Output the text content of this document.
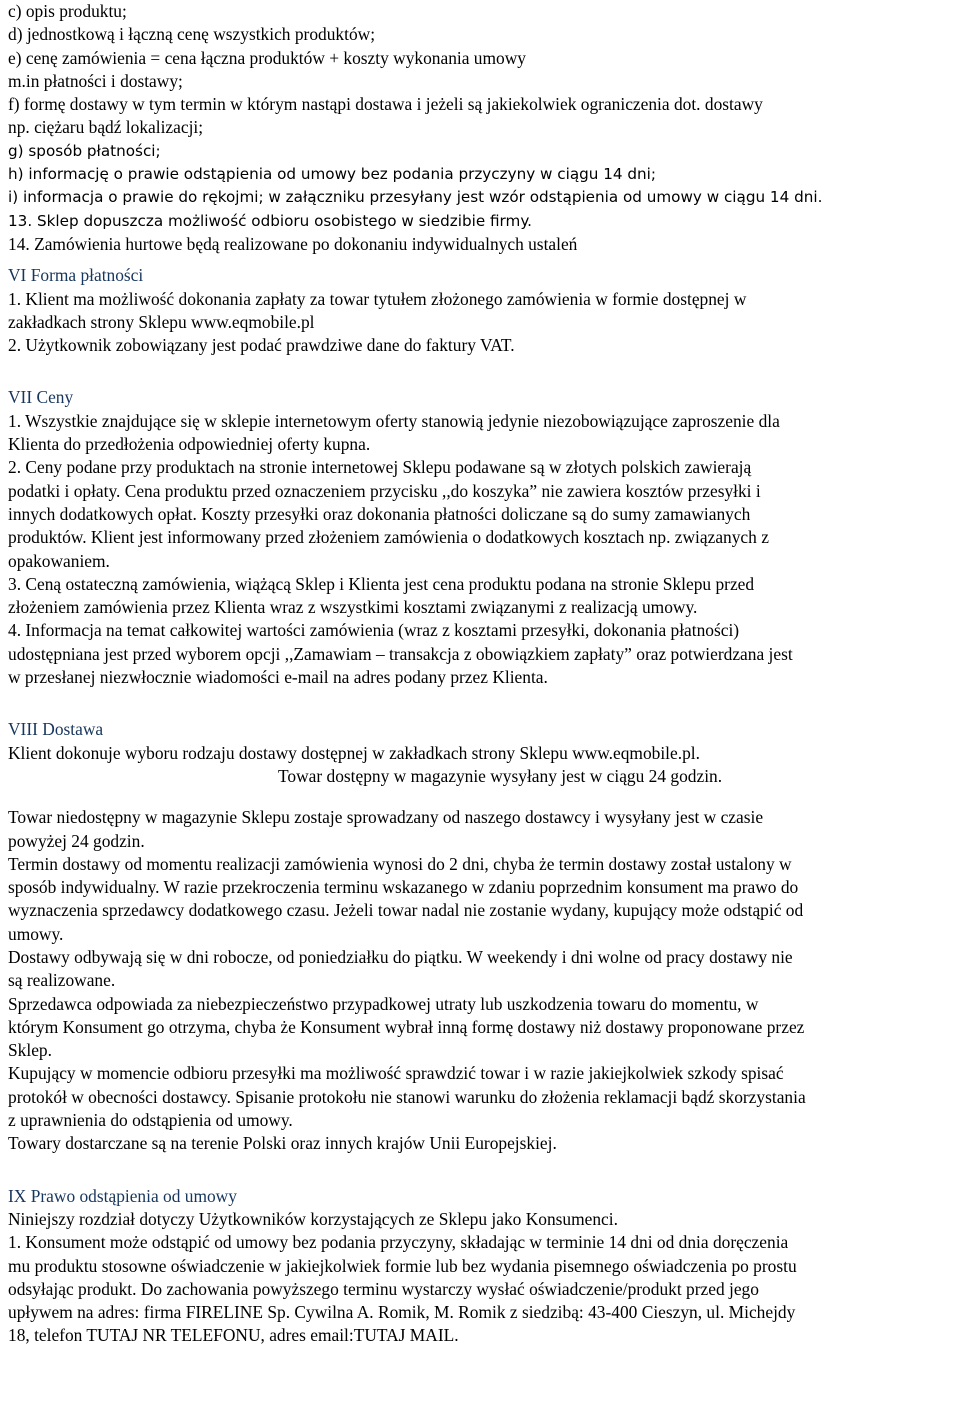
c) opis produktu;
d) jednostkową i łączną cenę wszystkich produktów;
e) cenę zamówienia = cena łączna produktów + koszty wykonania umowy
m.in płatności i dostawy;
f) formę dostawy w tym termin w którym nastąpi dostawa i jeżeli są jakiekolwiek ograniczenia dot. dostawy
np. ciężaru bądź lokalizacji;
g) sposób płatności;
h) informację o prawie odstąpienia od umowy bez podania przyczyny w ciągu 14 dni;
i) informacja o prawie do rękojmi; w załączniku przesyłany jest wzór odstąpienia od umowy w ciągu 14 dni.
13. Sklep dopuszcza możliwość odbioru osobistego w siedzibie firmy.
14. Zamówienia hurtowe będą realizowane po dokonaniu indywidualnych ustaleń
VI Forma płatności
1. Klient ma możliwość dokonania zapłaty za towar tytułem złożonego zamówienia w formie dostępnej w
zakładkach strony Sklepu www.eqmobile.pl
2. Użytkownik zobowiązany jest podać prawdziwe dane do faktury VAT.
VII Ceny
1. Wszystkie znajdujące się w sklepie internetowym oferty stanowią jedynie niezobowiązujące zaproszenie dla
Klienta do przedłożenia odpowiedniej oferty kupna.
2. Ceny podane przy produktach na stronie internetowej Sklepu podawane są w złotych polskich zawierają
podatki i opłaty. Cena produktu przed oznaczeniem przycisku ,,do koszyka” nie zawiera kosztów przesyłki i
innych dodatkowych opłat. Koszty przesyłki oraz dokonania płatności doliczane są do sumy zamawianych
produktów. Klient jest informowany przed złożeniem zamówienia o dodatkowych kosztach np. związanych z
opakowaniem.
3. Ceną ostateczną zamówienia, wiążącą Sklep i Klienta jest cena produktu podana na stronie Sklepu przed
złożeniem zamówienia przez Klienta wraz z wszystkimi kosztami związanymi z realizacją umowy.
4. Informacja na temat całkowitej wartości zamówienia (wraz z kosztami przesyłki, dokonania płatności)
udostępniana jest przed wyborem opcji ,,Zamawiam – transakcja z obowiązkiem zapłaty” oraz potwierdzana jest
w przesłanej niezwłocznie wiadomości e-mail na adres podany przez Klienta.
VIII Dostawa
Klient dokonuje wyboru rodzaju dostawy dostępnej w zakładkach strony Sklepu www.eqmobile.pl.
Towar dostępny w magazynie wysyłany jest w ciągu 24 godzin.
Towar niedostępny w magazynie Sklepu zostaje sprowadzany od naszego dostawcy i wysyłany jest w czasie
powyżej 24 godzin.
Termin dostawy od momentu realizacji zamówienia wynosi do 2 dni, chyba że termin dostawy został ustalony w
sposób indywidualny. W razie przekroczenia terminu wskazanego w zdaniu poprzednim konsument ma prawo do
wyznaczenia sprzedawcy dodatkowego czasu. Jeżeli towar nadal nie zostanie wydany, kupujący może odstąpić od
umowy.
Dostawy odbywają się w dni robocze, od poniedziałku do piątku. W weekendy i dni wolne od pracy dostawy nie
są realizowane.
Sprzedawca odpowiada za niebezpieczeństwo przypadkowej utraty lub uszkodzenia towaru do momentu, w
którym Konsument go otrzyma, chyba że Konsument wybrał inną formę dostawy niż dostawy proponowane przez
Sklep.
Kupujący w momencie odbioru przesyłki ma możliwość sprawdzić towar i w razie jakiejkolwiek szkody spisać
protokół w obecności dostawcy. Spisanie protokołu nie stanowi warunku do złożenia reklamacji bądź skorzystania
z uprawnienia do odstąpienia od umowy.
Towary dostarczane są na terenie Polski oraz innych krajów Unii Europejskiej.
IX Prawo odstąpienia od umowy
Niniejszy rozdział dotyczy Użytkowników korzystających ze Sklepu jako Konsumenci.
1. Konsument może odstąpić od umowy bez podania przyczyny, składając w terminie 14 dni od dnia doręczenia
mu produktu stosowne oświadczenie w jakiejkolwiek formie lub bez wydania pisemnego oświadczenia po prostu
odsyłając produkt. Do zachowania powyższego terminu wystarczy wysłać oświadczenie/produkt przed jego
upływem na adres: firma FIRELINE Sp. Cywilna A. Romik, M. Romik z siedzibą: 43-400 Cieszyn, ul. Michejdy
18, telefon TUTAJ NR TELEFONU, adres email:TUTAJ MAIL.
